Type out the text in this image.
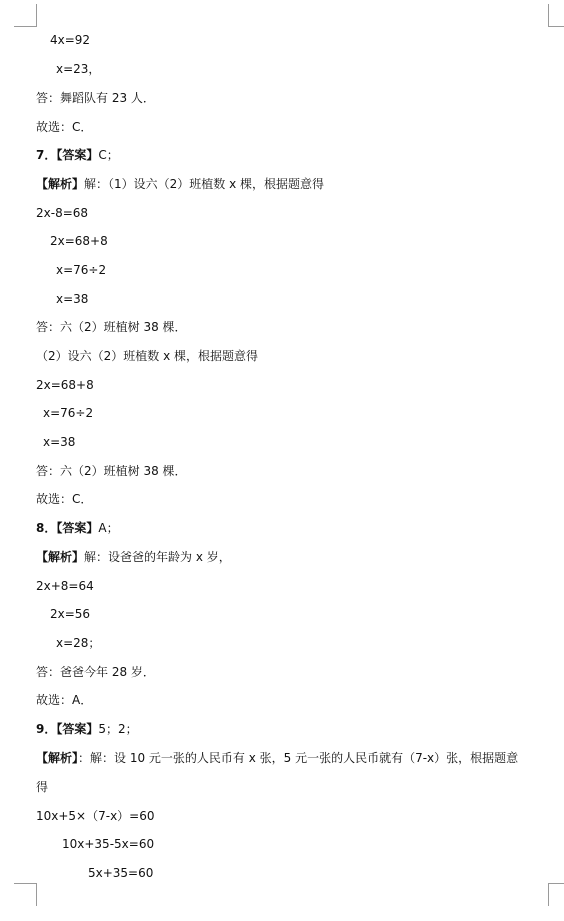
4x=92
x=23，
答：舞蹈队有 23 人．
故选：C．
7．【答案】C；
【解析】解：（1）设六（2）班植数 x 棵，根据题意得
2x-8=68
2x=68+8
x=76÷2
x=38
答：六（2）班植树 38 棵．
（2）设六（2）班植数 x 棵，根据题意得
2x=68+8
x=76÷2
x=38
答：六（2）班植树 38 棵．
故选：C．
8．【答案】A；
【解析】解：设爸爸的年龄为 x 岁，
2x+8=64
2x=56
x=28；
答：爸爸今年 28 岁．
故选：A．
9．【答案】5；2；
【解析】：解：设 10 元一张的人民币有 x 张，5 元一张的人民币就有（7-x）张，根据题意
得
10x+5×（7-x）=60
10x+35-5x=60
5x+35=60
